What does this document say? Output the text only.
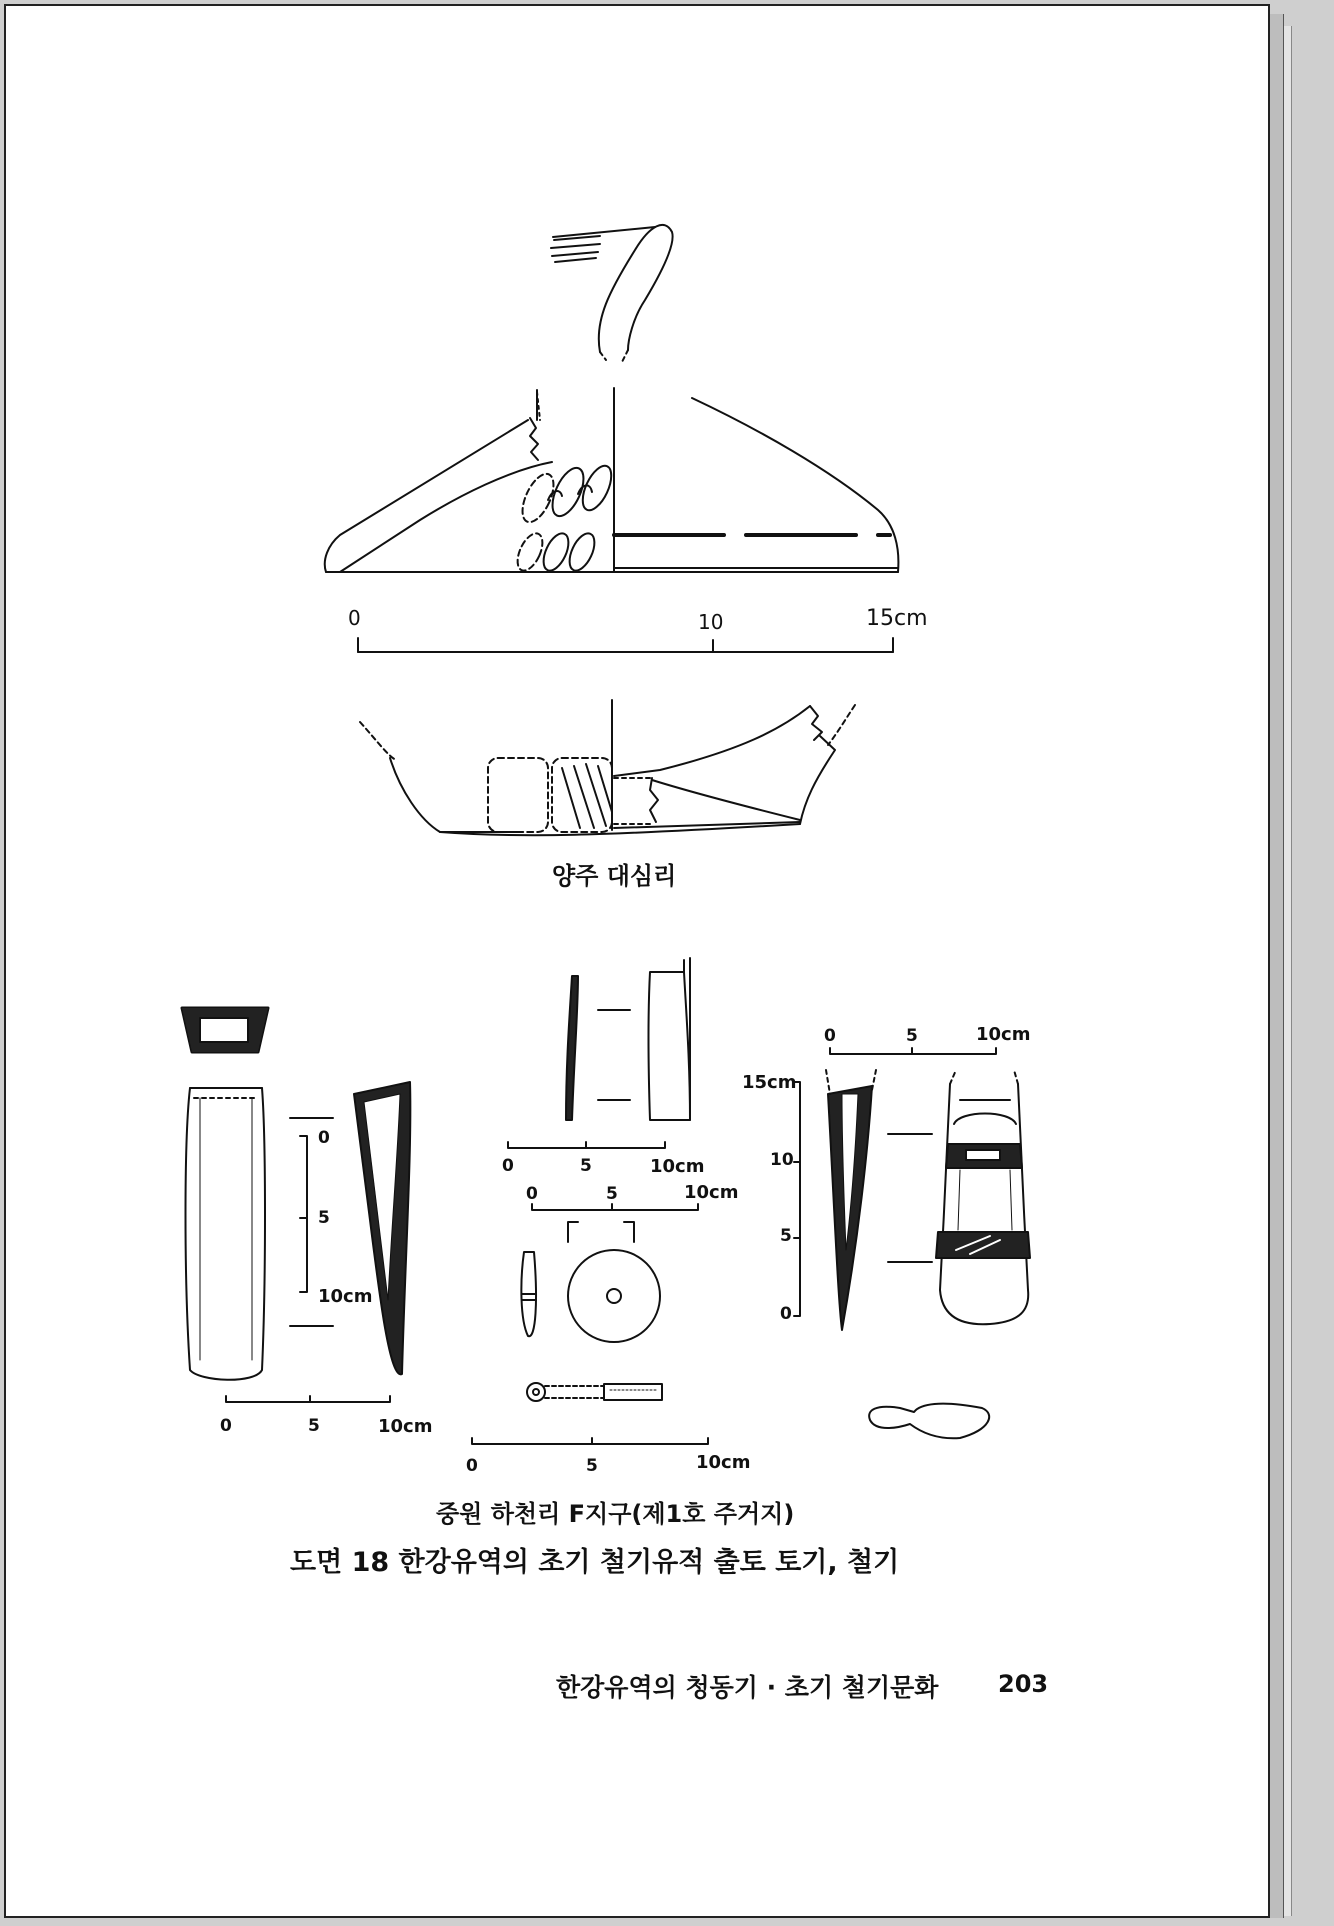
0	10	15cm
양주 대심리
0	5	10cm
0	5	10cm
0
5
10cm
0	5	10cm
0	5	10cm
0	5	10cm
15cm
10
5
0
중원 하천리 F지구(제1호 주거지)
도면 18 한강유역의 초기 철기유적 출토 토기, 철기
한강유역의 청동기 · 초기 철기문화 203
